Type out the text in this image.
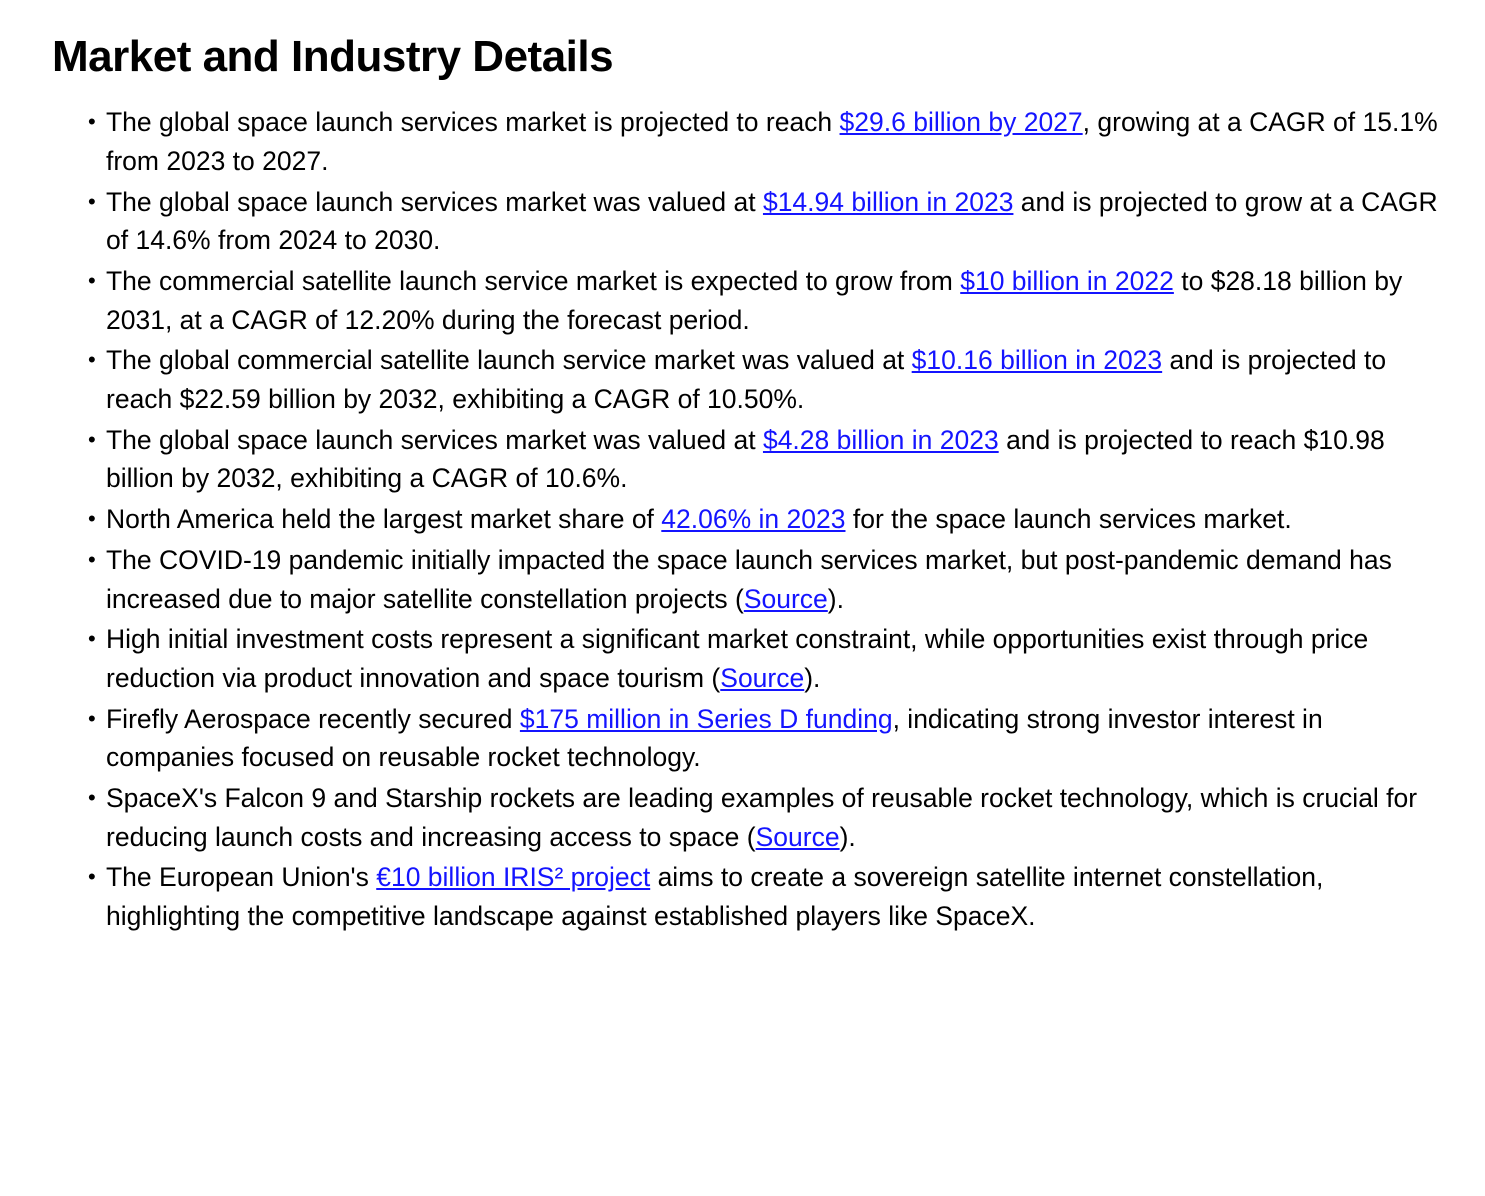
Market and Industry Details
• The global space launch services market is projected to reach $29.6 billion by 2027, growing at a CAGR of 15.1% from 2023 to 2027.
• The global space launch services market was valued at $14.94 billion in 2023 and is projected to grow at a CAGR of 14.6% from 2024 to 2030.
• The commercial satellite launch service market is expected to grow from $10 billion in 2022 to $28.18 billion by 2031, at a CAGR of 12.20% during the forecast period.
• The global commercial satellite launch service market was valued at $10.16 billion in 2023 and is projected to reach $22.59 billion by 2032, exhibiting a CAGR of 10.50%.
• The global space launch services market was valued at $4.28 billion in 2023 and is projected to reach $10.98 billion by 2032, exhibiting a CAGR of 10.6%.
• North America held the largest market share of 42.06% in 2023 for the space launch services market.
• The COVID-19 pandemic initially impacted the space launch services market, but post-pandemic demand has increased due to major satellite constellation projects (Source).
• High initial investment costs represent a significant market constraint, while opportunities exist through price reduction via product innovation and space tourism (Source).
• Firefly Aerospace recently secured $175 million in Series D funding, indicating strong investor interest in companies focused on reusable rocket technology.
• SpaceX's Falcon 9 and Starship rockets are leading examples of reusable rocket technology, which is crucial for reducing launch costs and increasing access to space (Source).
• The European Union's €10 billion IRIS² project aims to create a sovereign satellite internet constellation, highlighting the competitive landscape against established players like SpaceX.
